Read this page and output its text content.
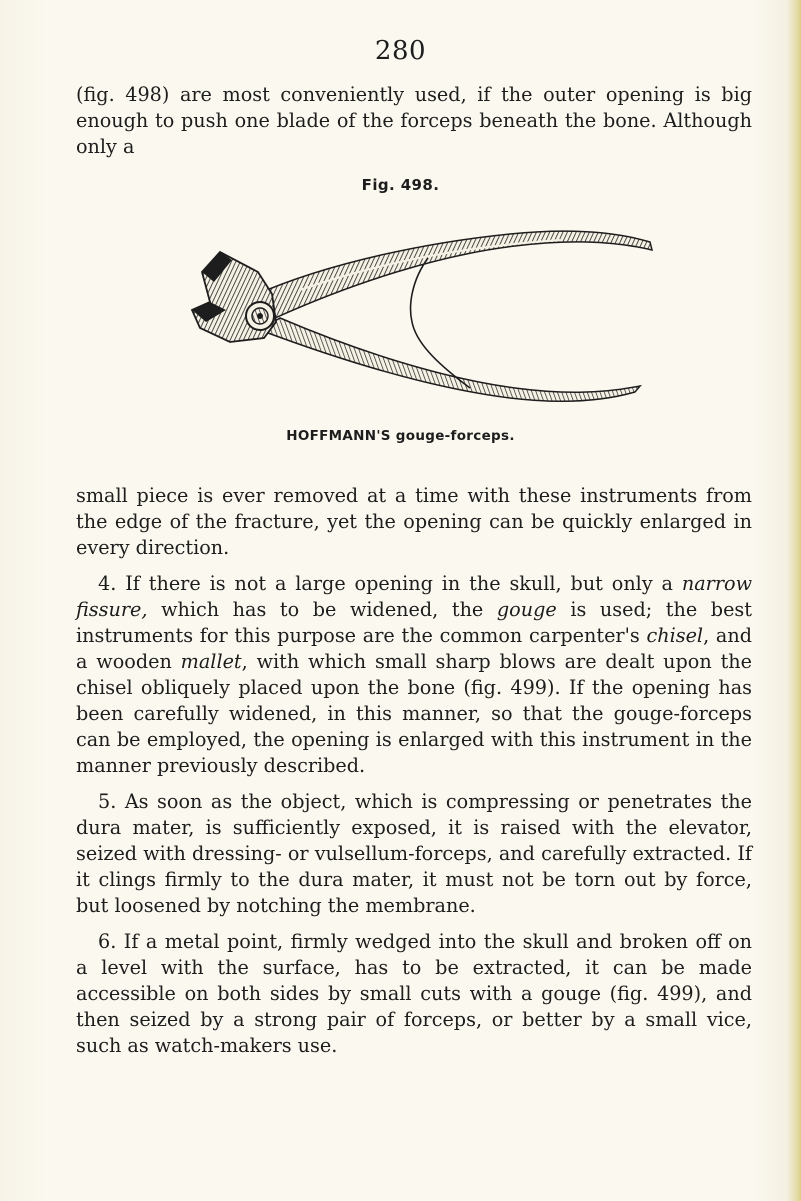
280

(fig. 498) are most conveniently used, if the outer opening is big enough to push one blade of the forceps beneath the bone. Although only a

Fig. 498.
HOFFMANN'S gouge-forceps.

small piece is ever removed at a time with these instruments from the edge of the fracture, yet the opening can be quickly enlarged in every direction.

4. If there is not a large opening in the skull, but only a narrow fissure, which has to be widened, the gouge is used; the best instruments for this purpose are the common carpenter's chisel, and a wooden mallet, with which small sharp blows are dealt upon the chisel obliquely placed upon the bone (fig. 499). If the opening has been carefully widened, in this manner, so that the gouge-forceps can be employed, the opening is enlarged with this instrument in the manner previously described.

5. As soon as the object, which is compressing or penetrates the dura mater, is sufficiently exposed, it is raised with the elevator, seized with dressing- or vulsellum-forceps, and carefully extracted. If it clings firmly to the dura mater, it must not be torn out by force, but loosened by notching the membrane.

6. If a metal point, firmly wedged into the skull and broken off on a level with the surface, has to be extracted, it can be made accessible on both sides by small cuts with a gouge (fig. 499), and then seized by a strong pair of forceps, or better by a small vice, such as watch-makers use.
